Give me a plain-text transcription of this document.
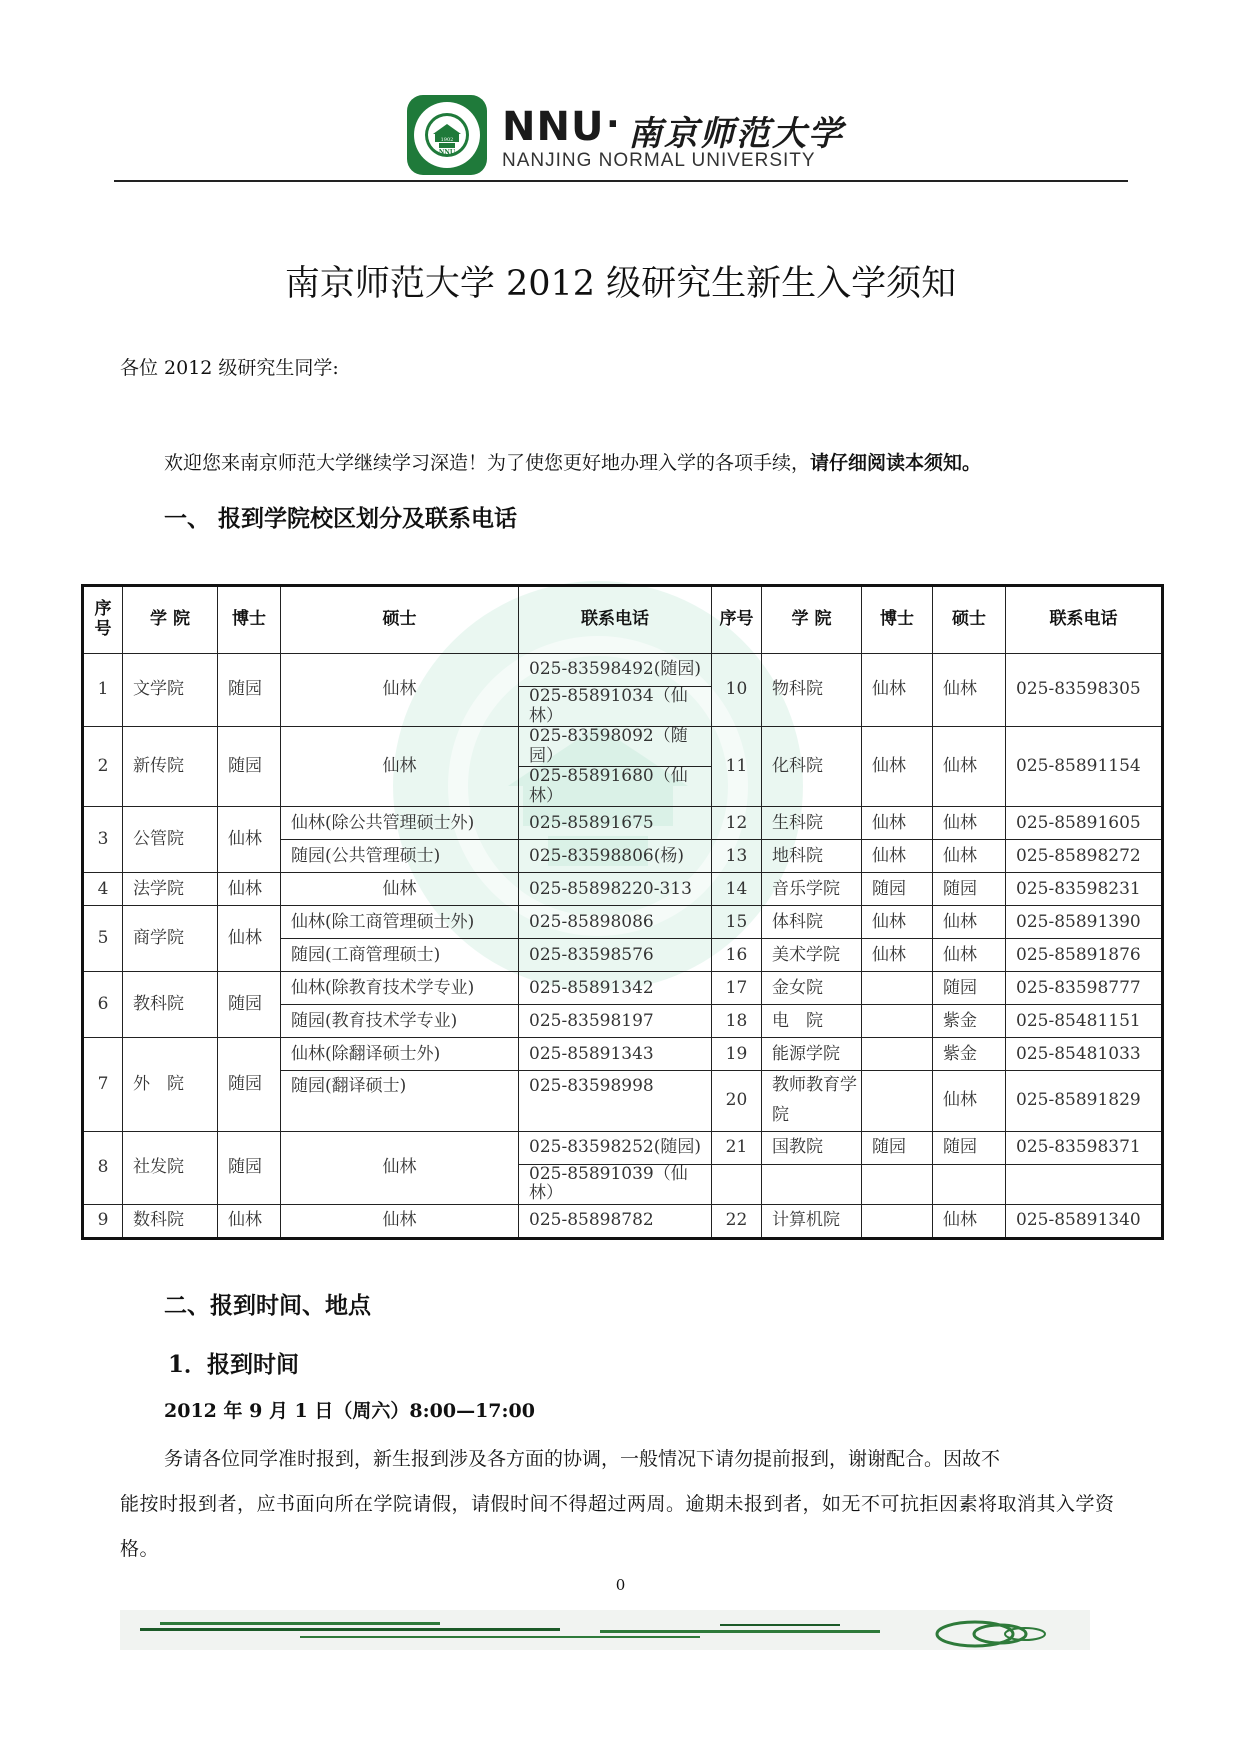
1902
NNU
NNU · 南京师范大学
NANJING NORMAL UNIVERSITY
南京师范大学 2012 级研究生新生入学须知
各位 2012 级研究生同学:
欢迎您来南京师范大学继续学习深造！为了使您更好地办理入学的各项手续，请仔细阅读本须知。
一、 报到学院校区划分及联系电话
序号	学 院	博士	硕士	联系电话	序号	学 院	博士	硕士	联系电话
1	文学院	随园	仙林	025-83598492(随园)	10	物科院	仙林	仙林	025-83598305
				025-85891034（仙林）					
2	新传院	随园	仙林	025-83598092（随园）	11	化科院	仙林	仙林	025-85891154
				025-85891680（仙林）					
3	公管院	仙林	仙林(除公共管理硕士外)	025-85891675	12	生科院	仙林	仙林	025-85891605
			随园(公共管理硕士)	025-83598806(杨)	13	地科院	仙林	仙林	025-85898272
4	法学院	仙林	仙林	025-85898220-313	14	音乐学院	随园	随园	025-83598231
5	商学院	仙林	仙林(除工商管理硕士外)	025-85898086	15	体科院	仙林	仙林	025-85891390
			随园(工商管理硕士)	025-83598576	16	美术学院	仙林	仙林	025-85891876
6	教科院	随园	仙林(除教育技术学专业)	025-85891342	17	金女院		随园	025-83598777
			随园(教育技术学专业)	025-83598197	18	电　院		紫金	025-85481151
7	外　院	随园	仙林(除翻译硕士外)	025-85891343	19	能源学院		紫金	025-85481033
			随园(翻译硕士)	025-83598998	20	教师教育学院		仙林	025-85891829

8	社发院	随园	仙林	025-83598252(随园)	21	国教院	随园	随园	025-83598371
				025-85891039（仙林）					
9	数科院	仙林	仙林	025-85898782	22	计算机院		仙林	025-85891340
二、报到时间、地点
1．报到时间
2012 年 9 月 1 日（周六）8:00—17:00
务请各位同学准时报到，新生报到涉及各方面的协调，一般情况下请勿提前报到，谢谢配合。因故不
能按时报到者，应书面向所在学院请假，请假时间不得超过两周。逾期未报到者，如无不可抗拒因素将取消其入学资格。
0
